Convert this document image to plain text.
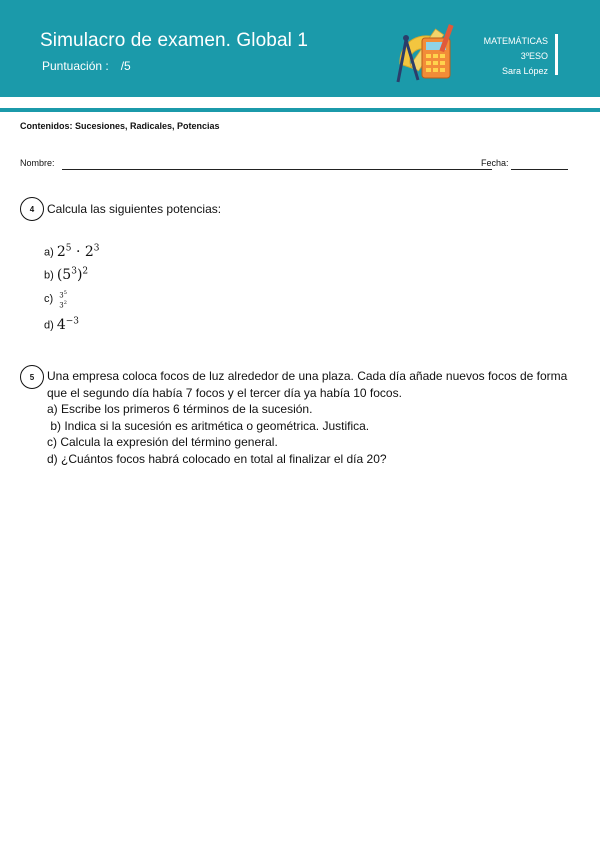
Simulacro de examen. Global 1
Puntuación : /5
MATEMÁTICAS
3ºESO
Sara López
Contenidos: Sucesiones, Radicales, Potencias
Nombre:	Fecha:
4	Calcula las siguientes potencias:
a) $2^5 \cdot 2^3$
b) $(5^3)^2$
c) $3^5$
$3^2$
d) $4^{-3}$
5	Una empresa coloca focos de luz alrededor de una plaza. Cada día añade nuevos focos de forma que el segundo día había 7 focos y el tercer día ya había 10 focos.
a) Escribe los primeros 6 términos de la sucesión.
b) Indica si la sucesión es aritmética o geométrica. Justifica.
c) Calcula la expresión del término general.
d) ¿Cuántos focos habrá colocado en total al finalizar el día 20?
